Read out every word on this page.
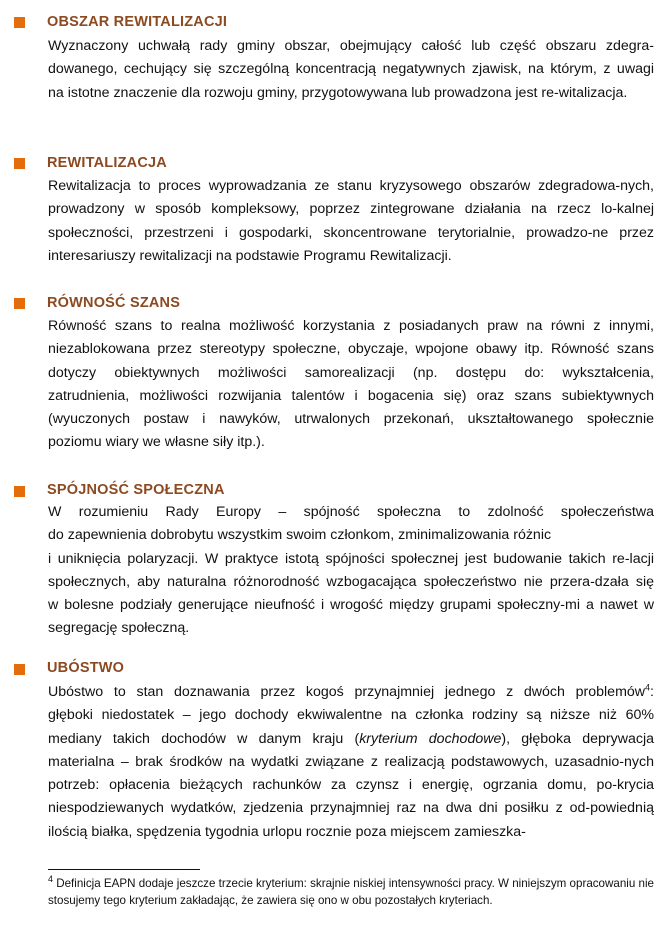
OBSZAR REWITALIZACJI
Wyznaczony uchwałą rady gminy obszar, obejmujący całość lub część obszaru zdegra-
dowanego, cechujący się szczególną koncentracją negatywnych zjawisk, na którym, z uwagi
na istotne znaczenie dla rozwoju gminy, przygotowywana lub prowadzona jest re-witalizacja.
REWITALIZACJA
Rewitalizacja to proces wyprowadzania ze stanu kryzysowego obszarów zdegradowa-nych,
prowadzony w sposób kompleksowy, poprzez zintegrowane działania na rzecz lo-kalnej
społeczności, przestrzeni i gospodarki, skoncentrowane terytorialnie, prowadzo-ne przez
interesariuszy rewitalizacji na podstawie Programu Rewitalizacji.
RÓWNOŚĆ SZANS
Równość szans to realna możliwość korzystania z posiadanych praw na równi z innymi,
niezablokowana przez stereotypy społeczne, obyczaje, wpojone obawy itp. Równość szans
dotyczy obiektywnych możliwości samorealizacji (np. dostępu do: wykształcenia,
zatrudnienia, możliwości rozwijania talentów i bogacenia się) oraz szans subiektywnych
(wyuczonych postaw i nawyków, utrwalonych przekonań, ukształtowanego społecznie
poziomu wiary we własne siły itp.).
SPÓJNOŚĆ SPOŁECZNA
W rozumieniu Rady Europy – spójność społeczna to zdolność społeczeństwa
do zapewnienia dobrobytu wszystkim swoim członkom, zminimalizowania różnic
i uniknięcia polaryzacji. W praktyce istotą spójności społecznej jest budowanie takich re-lacji
społecznych, aby naturalna różnorodność wzbogacająca społeczeństwo nie przera-dzała się
w bolesne podziały generujące nieufność i wrogość między grupami społeczny-mi a nawet w
segregację społeczną.
UBÓSTWO
Ubóstwo to stan doznawania przez kogoś przynajmniej jednego z dwóch problemów$^4$:
głęboki niedostatek – jego dochody ekwiwalentne na członka rodziny są niższe niż 60%
mediany takich dochodów w danym kraju (kryterium dochodowe), głęboka deprywacja
materialna – brak środków na wydatki związane z realizacją podstawowych, uzasadnio-nych
potrzeb: opłacenia bieżących rachunków za czynsz i energię, ogrzania domu, po-krycia
niespodziewanych wydatków, zjedzenia przynajmniej raz na dwa dni posiłku z od-powiednią
ilością białka, spędzenia tygodnia urlopu rocznie poza miejscem zamieszka-
$^4$ Definicja EAPN dodaje jeszcze trzecie kryterium: skrajnie niskiej intensywności pracy. W niniejszym opracowaniu nie stosujemy tego kryterium zakładając, że zawiera się ono w obu pozostałych kryteriach.
